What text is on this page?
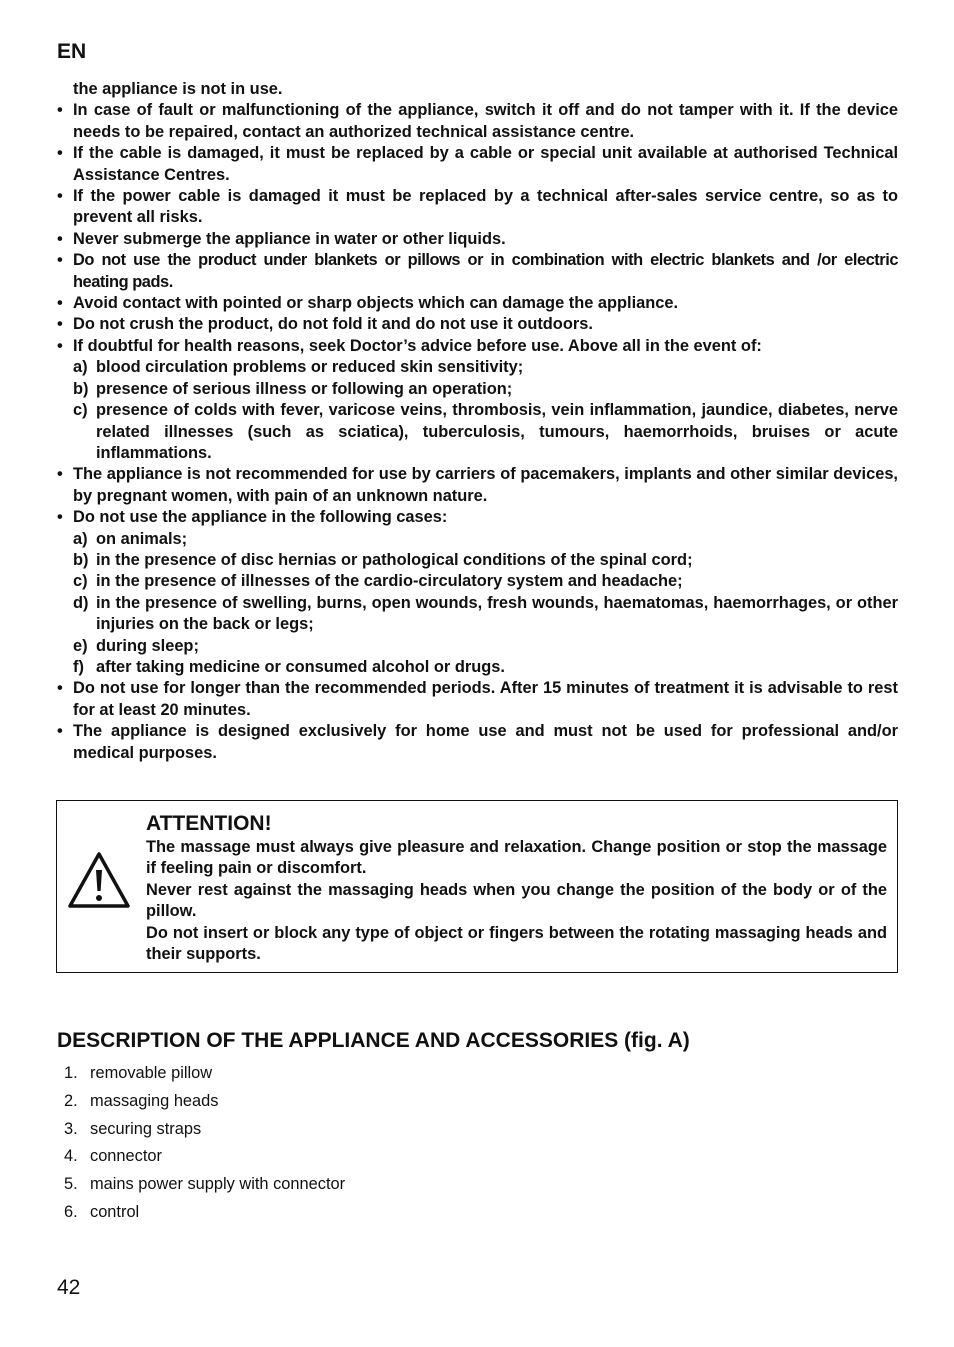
EN
the appliance is not in use.
• In case of fault or malfunctioning of the appliance, switch it off and do not tamper with it. If the device needs to be repaired, contact an authorized technical assistance centre.
• If the cable is damaged, it must be replaced by a cable or special unit available at authorised Technical Assistance Centres.
• If the power cable is damaged it must be replaced by a technical after-sales service centre, so as to prevent all risks.
• Never submerge the appliance in water or other liquids.
• Do not use the product under blankets or pillows or in combination with electric blankets and /or electric heating pads.
• Avoid contact with pointed or sharp objects which can damage the appliance.
• Do not crush the product, do not fold it and do not use it outdoors.
• If doubtful for health reasons, seek Doctor’s advice before use. Above all in the event of:
a) blood circulation problems or reduced skin sensitivity;
b) presence of serious illness or following an operation;
c) presence of colds with fever, varicose veins, thrombosis, vein inflammation, jaundice, diabetes, nerve related illnesses (such as sciatica), tuberculosis, tumours, haemorrhoids, bruises or acute inflammations.
• The appliance is not recommended for use by carriers of pacemakers, implants and other similar devices, by pregnant women, with pain of an unknown nature.
• Do not use the appliance in the following cases:
a) on animals;
b) in the presence of disc hernias or pathological conditions of the spinal cord;
c) in the presence of illnesses of the cardio-circulatory system and headache;
d) in the presence of swelling, burns, open wounds, fresh wounds, haematomas, haemorrhages, or other injuries on the back or legs;
e) during sleep;
f) after taking medicine or consumed alcohol or drugs.
• Do not use for longer than the recommended periods. After 15 minutes of treatment it is advisable to rest for at least 20 minutes.
• The appliance is designed exclusively for home use and must not be used for professional and/or medical purposes.
ATTENTION!
The massage must always give pleasure and relaxation. Change position or stop the massage if feeling pain or discomfort.
Never rest against the massaging heads when you change the position of the body or of the pillow.
Do not insert or block any type of object or fingers between the rotating massaging heads and their supports.
DESCRIPTION OF THE APPLIANCE AND ACCESSORIES (fig. A)
1. removable pillow
2. massaging heads
3. securing straps
4. connector
5. mains power supply with connector
6. control
42
